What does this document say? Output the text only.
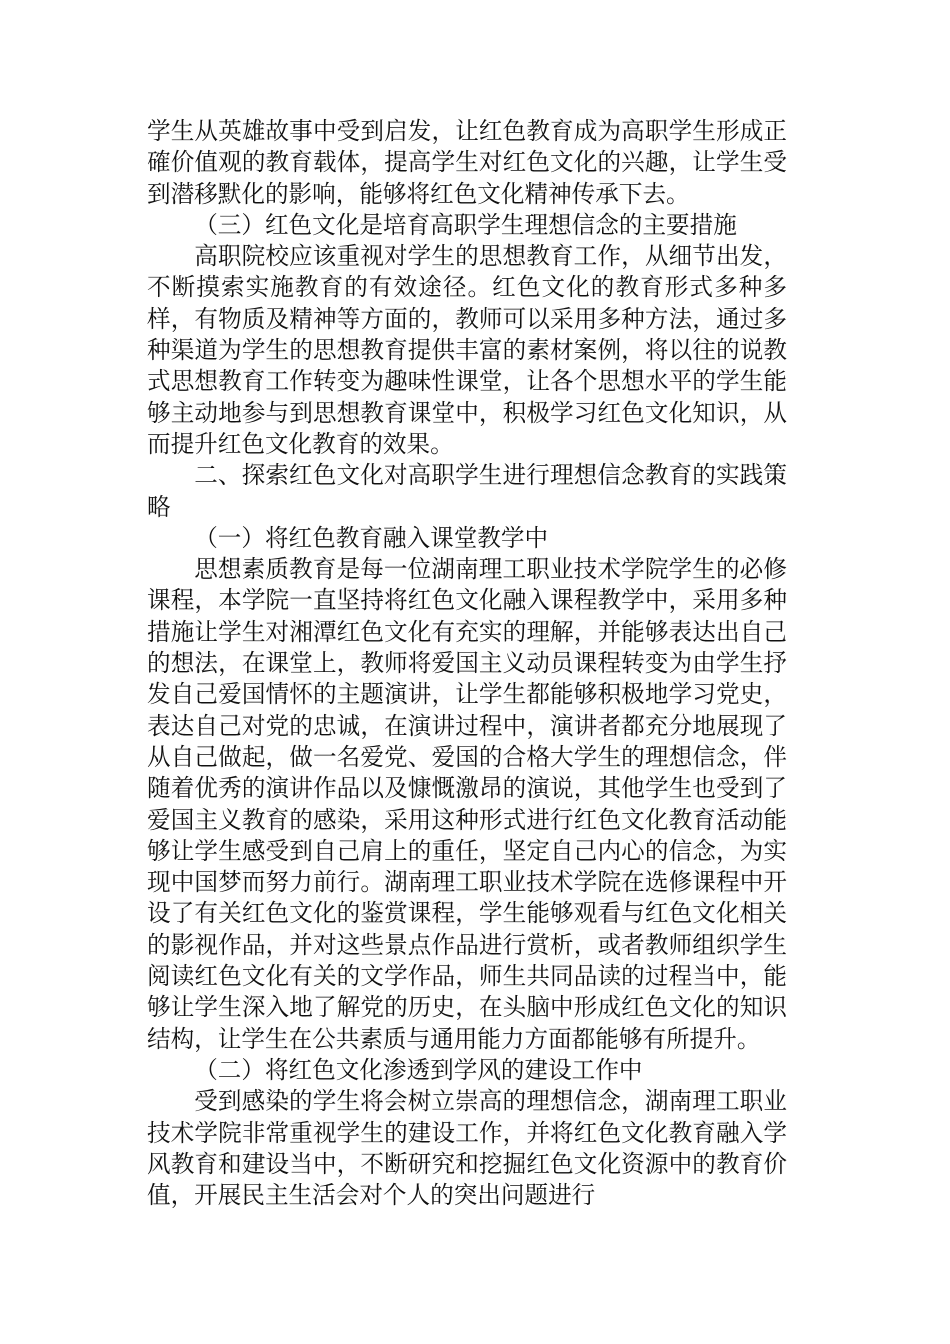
学生从英雄故事中受到启发，让红色教育成为高职学生形成正確价值观的教育载体，提高学生对红色文化的兴趣，让学生受到潜移默化的影响，能够将红色文化精神传承下去。

（三）红色文化是培育高职学生理想信念的主要措施

高职院校应该重视对学生的思想教育工作，从细节出发，不断摸索实施教育的有效途径。红色文化的教育形式多种多样，有物质及精神等方面的，教师可以采用多种方法，通过多种渠道为学生的思想教育提供丰富的素材案例，将以往的说教式思想教育工作转变为趣味性课堂，让各个思想水平的学生能够主动地参与到思想教育课堂中，积极学习红色文化知识，从而提升红色文化教育的效果。

二、探索红色文化对高职学生进行理想信念教育的实践策略

（一）将红色教育融入课堂教学中

思想素质教育是每一位湖南理工职业技术学院学生的必修课程，本学院一直坚持将红色文化融入课程教学中，采用多种措施让学生对湘潭红色文化有充实的理解，并能够表达出自己的想法，在课堂上，教师将爱国主义动员课程转变为由学生抒发自己爱国情怀的主题演讲，让学生都能够积极地学习党史，表达自己对党的忠诚，在演讲过程中，演讲者都充分地展现了从自己做起，做一名爱党、爱国的合格大学生的理想信念，伴随着优秀的演讲作品以及慷慨激昂的演说，其他学生也受到了爱国主义教育的感染，采用这种形式进行红色文化教育活动能够让学生感受到自己肩上的重任，坚定自己内心的信念，为实现中国梦而努力前行。湖南理工职业技术学院在选修课程中开设了有关红色文化的鉴赏课程，学生能够观看与红色文化相关的影视作品，并对这些景点作品进行赏析，或者教师组织学生阅读红色文化有关的文学作品，师生共同品读的过程当中，能够让学生深入地了解党的历史，在头脑中形成红色文化的知识结构，让学生在公共素质与通用能力方面都能够有所提升。

（二）将红色文化渗透到学风的建设工作中

受到感染的学生将会树立崇高的理想信念，湖南理工职业技术学院非常重视学生的建设工作，并将红色文化教育融入学风教育和建设当中，不断研究和挖掘红色文化资源中的教育价值，开展民主生活会对个人的突出问题进行
